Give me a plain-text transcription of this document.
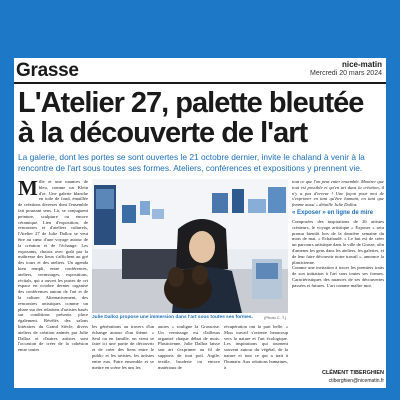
Grasse	nice-matin
Mercredi 20 mars 2024
L'Atelier 27, palette bleutée
à la découverte de l'art
La galerie, dont les portes se sont ouvertes le 21 octobre dernier, invite le chaland à venir à la rencontre de l'art sous toutes ses formes. Ateliers, conférences et expositions y prennent vie.
Mille et une nuances de bleu, comme un Klein d'or. Une galerie blanche en toile de fond, émaillée de créations diverses dont l'ensemble fait pourtant sens. Là, se conjuguent peinture, sculpture ou encore céramique. Lieu d'exposition, de rencontres et d'ateliers culturels, l'Atelier 27 de Julie Dalloz se veut être au cœur d'une voyage autour de la création et de l'échange. Les exposants, choisis avec goût par la maîtresse des lieux s'affichent au gré des tours et des ateliers. Un agenda bien rempli, entre conférences, ateliers, vernissages, expositions, récitals, qui a ouvert les portes de cet espace en octobre dernier organise des conférences autour de l'art et de la culture. Alternativement, des rencontres artistiques comme un phare sur des relations d'artistes basés sur conditions présents place également. Révélés des salons littéraires du Grand Siècle, divers ateliers de création animés par Julie Dalloz et d'autres artistes sont l'occasion de créer de la cohésion entre toutes
Julie Dalloz propose une immersion dans l'art sous toutes ses formes.	(Photo C. T.)
les générations au travers d'un échange autour d'un thème. « Seul ou en famille, on vient se faire ici une partie de découvrir et de créer des liens entre le public et les artistes, les artistes entre eux. Faire ensemble et se mettre en scène les uns les
autres » souligne la Grassoise. Un vernissage est d'ailleurs organisé chaque début de mois. Plasticienne, Julie Dalloz laisse son art s'exprimer au fil de supports de tout poil. Argile, textile, broderie ou encore matériaux de
récupération ont la part belle. « Mon travail s'oriente beaucoup vers la nature et l'art écologique. Les inspirations qui tournent souvent autour du végétal, de la nature et tout ce qui a trait à l'humain. Aux relations humaines, à

tout ce que l'on peut enter ensemble. Montrer que tout est possible et qu'en art dans la création, il n'y a pas d'erreur ! Une façon pour moi de s'exprimer en tant qu'être humain, en tant que femme aussi » détaille Julie Dalloz.

« Exposer » en ligne de mire

Composées des inspirations de 26 artistes créateurs, le voyage artistique « Exposer » sera promu bientôt lors de la dernière semaine du mois de mai. « Echafaudé. » Le but est de créer un parcours artistique dans la ville de Grasse, afin d'amener les gens dans les ateliers, les galeries, et de leur faire découvrir notre travail », annonce la plasticienne.

Comme une invitation à tracer les premiers traits de son initiation à l'art sous toutes ses formes. Caractéristiques des nuances de ses découvertes passées et futures. L'art comme maître mot.

CLÉMENT TIBERGHIEN
ctiberghien@nicematin.fr
